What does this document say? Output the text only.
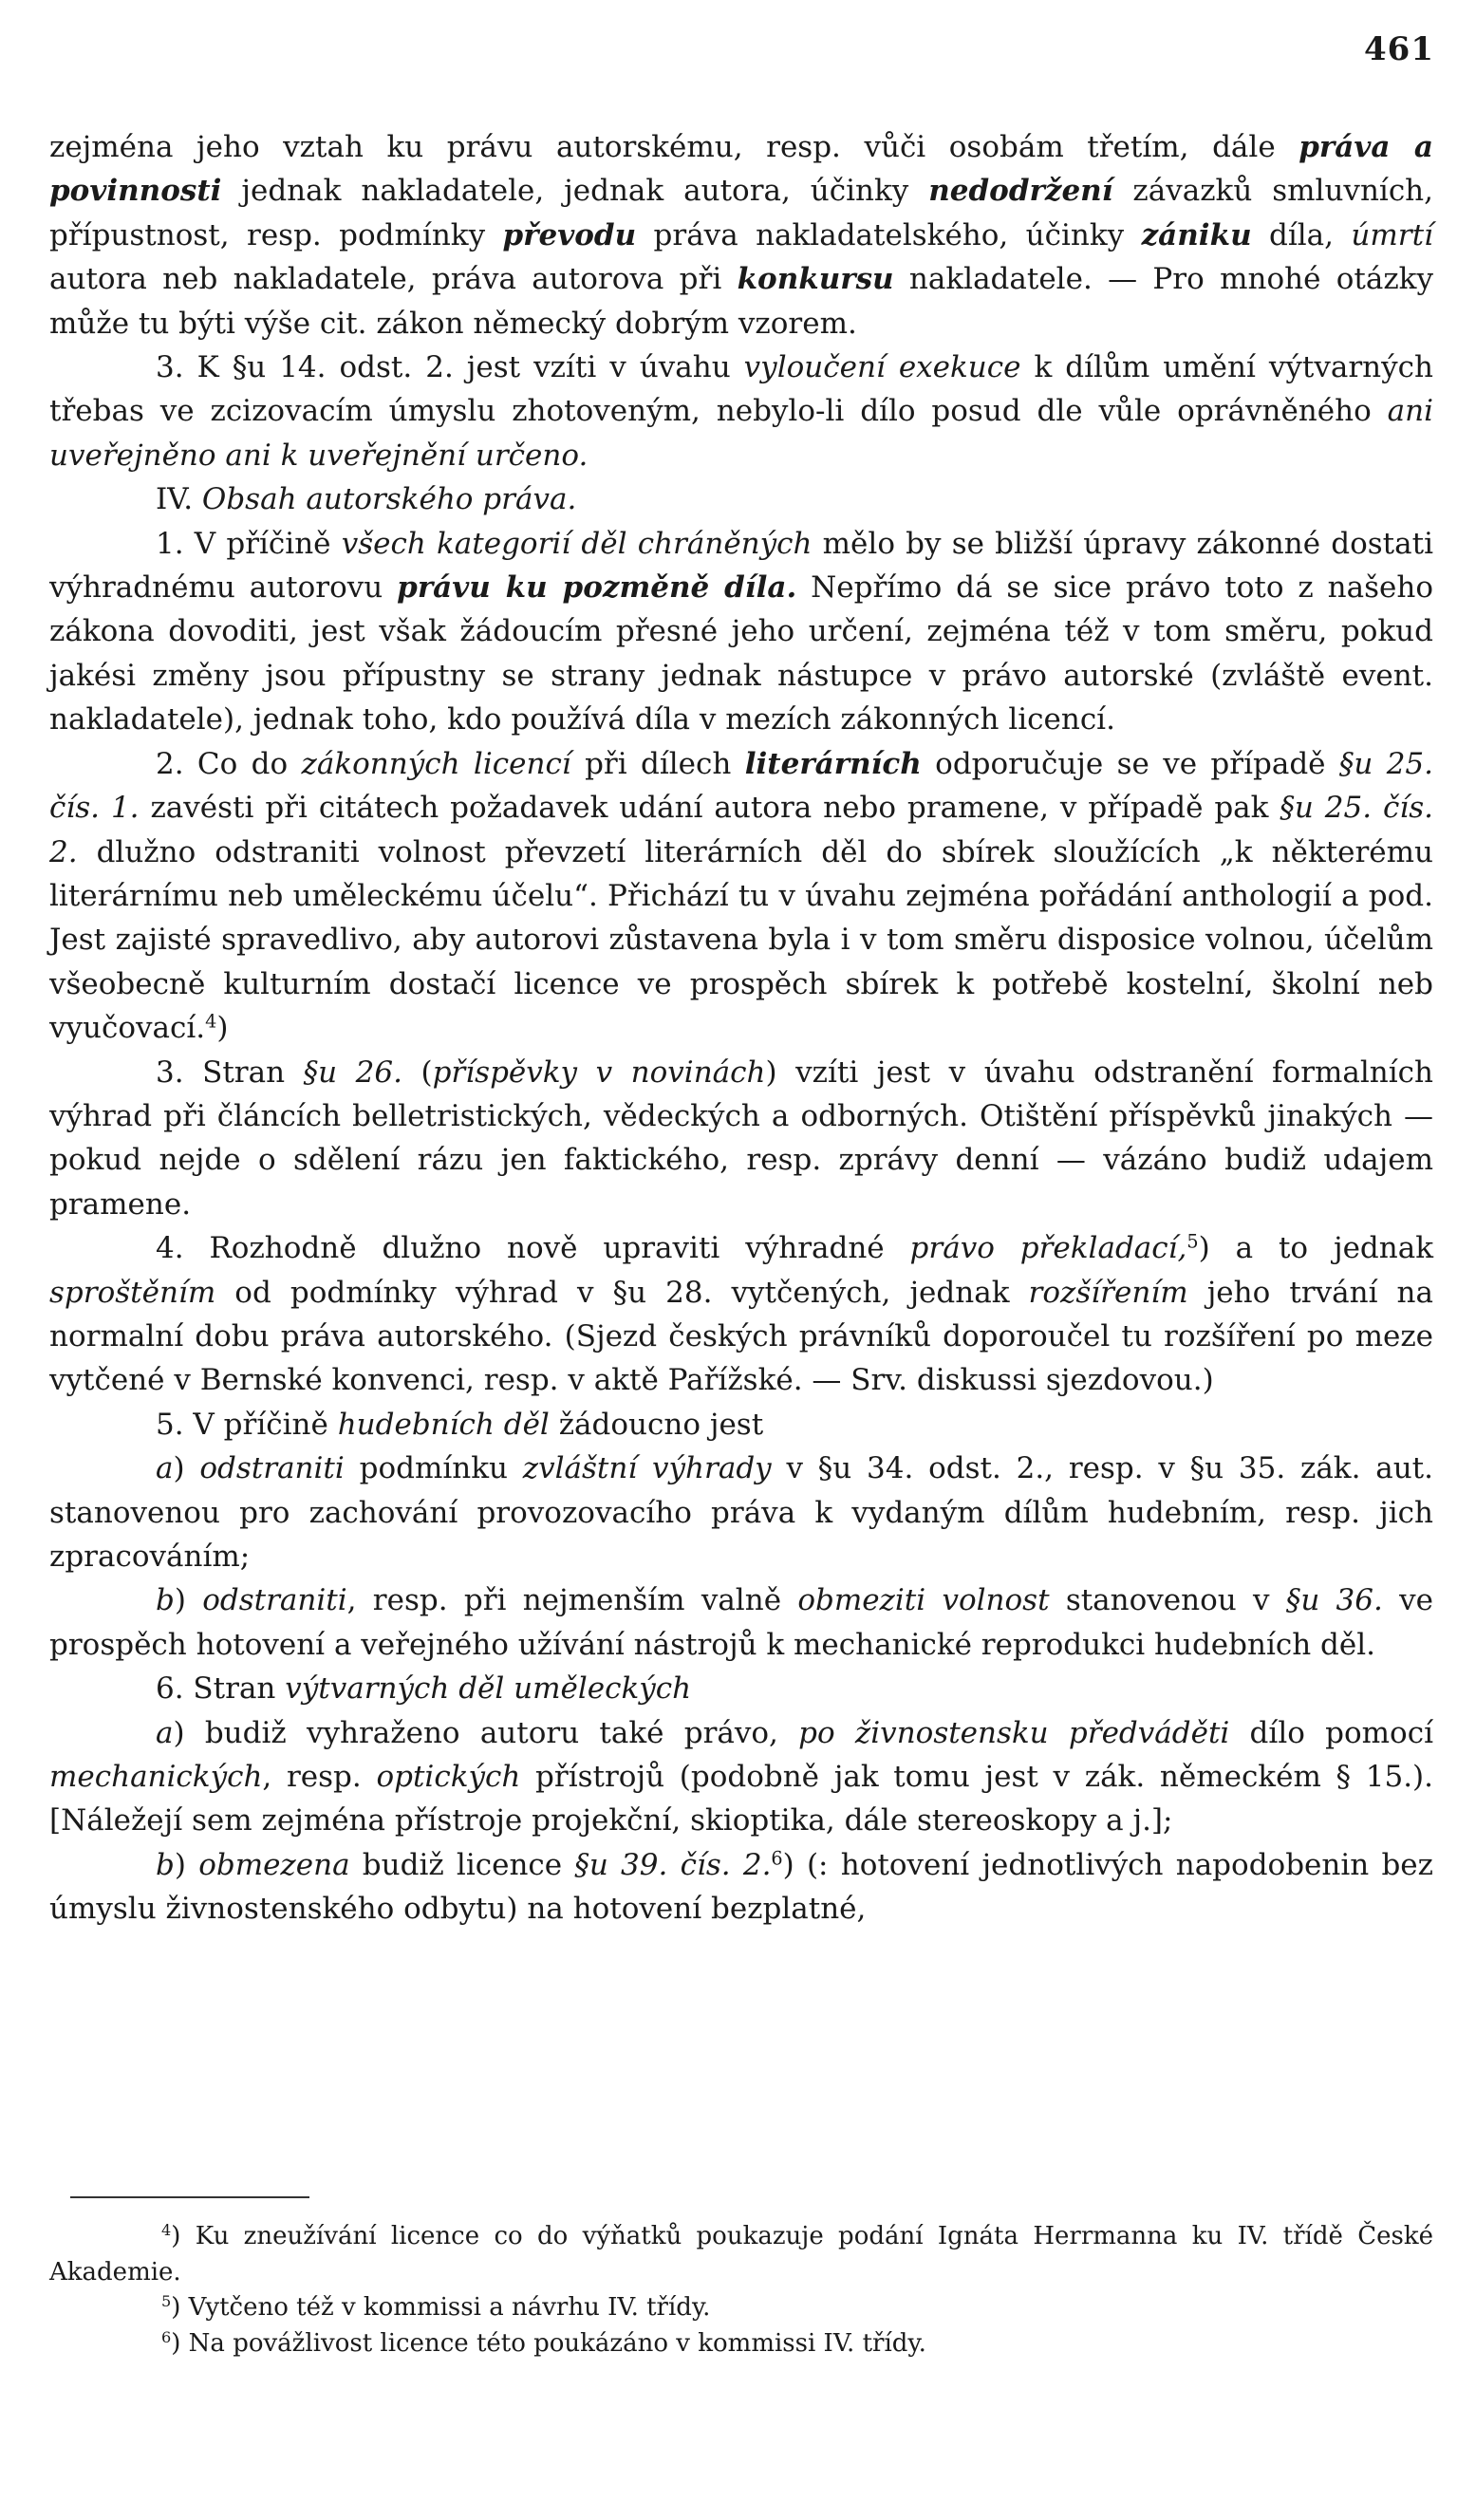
461

zejména jeho vztah ku právu autorskému, resp. vůči osobám třetím, dále práva a povinnosti jednak nakladatele, jednak autora, účinky nedodržení závazků smluvních, přípustnost, resp. podmínky převodu práva nakladatelského, účinky zániku díla, úmrtí autora neb nakladatele, práva autorova při konkursu nakladatele. — Pro mnohé otázky může tu býti výše cit. zákon německý dobrým vzorem.

3. K §u 14. odst. 2. jest vzíti v úvahu vyloučení exekuce k dílům umění výtvarných třebas ve zcizovacím úmyslu zhotoveným, nebylo-li dílo posud dle vůle oprávněného ani uveřejněno ani k uveřejnění určeno.

IV. Obsah autorského práva.

1. V příčině všech kategorií děl chráněných mělo by se bližší úpravy zákonné dostati výhradnému autorovu právu ku pozměně díla. Nepřímo dá se sice právo toto z našeho zákona dovoditi, jest však žádoucím přesné jeho určení, zejména též v tom směru, pokud jakési změny jsou přípustny se strany jednak nástupce v právo autorské (zvláště event. nakladatele), jednak toho, kdo používá díla v mezích zákonných licencí.

2. Co do zákonných licencí při dílech literárních odporučuje se ve případě §u 25. čís. 1. zavésti při citátech požadavek udání autora nebo pramene, v případě pak §u 25. čís. 2. dlužno odstraniti volnost převzetí literárních děl do sbírek sloužících „k některému literárnímu neb uměleckému účelu“. Přichází tu v úvahu zejména pořádání anthologií a pod. Jest zajisté spravedlivo, aby autorovi zůstavena byla i v tom směru disposice volnou, účelům všeobecně kulturním dostačí licence ve prospěch sbírek k potřebě kostelní, školní neb vyučovací.$^4$)

3. Stran §u 26. (příspěvky v novinách) vzíti jest v úvahu odstranění formalních výhrad při článcích belletristických, vědeckých a odborných. Otištění příspěvků jinakých — pokud nejde o sdělení rázu jen faktického, resp. zprávy denní — vázáno budiž udajem pramene.

4. Rozhodně dlužno nově upraviti výhradné právo překladací,$^5$) a to jednak sproštěním od podmínky výhrad v §u 28. vytčených, jednak rozšířením jeho trvání na normalní dobu práva autorského. (Sjezd českých právníků doporoučel tu rozšíření po meze vytčené v Bernské konvenci, resp. v aktě Pařížské. — Srv. diskussi sjezdovou.)

5. V příčině hudebních děl žádoucno jest

a) odstraniti podmínku zvláštní výhrady v §u 34. odst. 2., resp. v §u 35. zák. aut. stanovenou pro zachování provozovacího práva k vydaným dílům hudebním, resp. jich zpracováním;

b) odstraniti, resp. při nejmenším valně obmeziti volnost stanovenou v §u 36. ve prospěch hotovení a veřejného užívání nástrojů k mechanické reprodukci hudebních děl.

6. Stran výtvarných děl uměleckých

a) budiž vyhraženo autoru také právo, po živnostensku předváděti dílo pomocí mechanických, resp. optických přístrojů (podobně jak tomu jest v zák. německém § 15.). [Náležejí sem zejména přístroje projekční, skioptika, dále stereoskopy a j.];

b) obmezena budiž licence §u 39. čís. 2.$^6$) (: hotovení jednotlivých napodobenin bez úmyslu živnostenského odbytu) na hotovení bezplatné,

$^4$) Ku zneužívání licence co do výňatků poukazuje podání Ignáta Herrmanna ku IV. třídě České Akademie.

$^5$) Vytčeno též v kommissi a návrhu IV. třídy.

$^6$) Na povážlivost licence této poukázáno v kommissi IV. třídy.
